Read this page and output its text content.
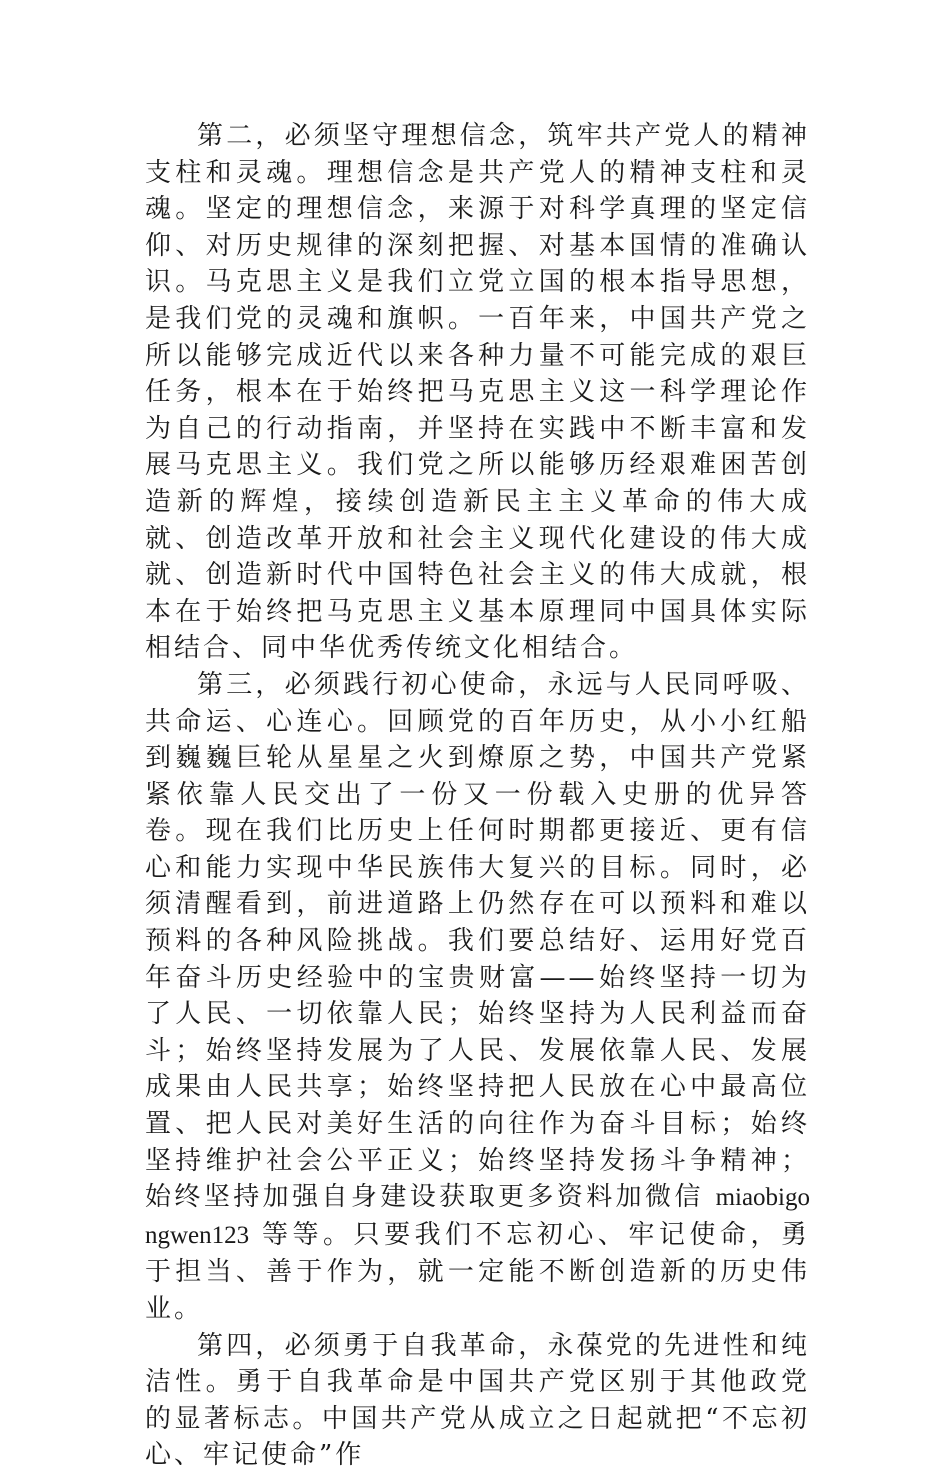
第二，必须坚守理想信念，筑牢共产党人的精神支柱和灵魂。理想信念是共产党人的精神支柱和灵魂。坚定的理想信念，来源于对科学真理的坚定信仰、对历史规律的深刻把握、对基本国情的准确认识。马克思主义是我们立党立国的根本指导思想，是我们党的灵魂和旗帜。一百年来，中国共产党之所以能够完成近代以来各种力量不可能完成的艰巨任务，根本在于始终把马克思主义这一科学理论作为自己的行动指南，并坚持在实践中不断丰富和发展马克思主义。我们党之所以能够历经艰难困苦创造新的辉煌，接续创造新民主主义革命的伟大成就、创造改革开放和社会主义现代化建设的伟大成就、创造新时代中国特色社会主义的伟大成就，根本在于始终把马克思主义基本原理同中国具体实际相结合、同中华优秀传统文化相结合。

第三，必须践行初心使命，永远与人民同呼吸、共命运、心连心。回顾党的百年历史，从小小红船到巍巍巨轮从星星之火到燎原之势，中国共产党紧紧依靠人民交出了一份又一份载入史册的优异答卷。现在我们比历史上任何时期都更接近、更有信心和能力实现中华民族伟大复兴的目标。同时，必须清醒看到，前进道路上仍然存在可以预料和难以预料的各种风险挑战。我们要总结好、运用好党百年奋斗历史经验中的宝贵财富——始终坚持一切为了人民、一切依靠人民；始终坚持为人民利益而奋斗；始终坚持发展为了人民、发展依靠人民、发展成果由人民共享；始终坚持把人民放在心中最高位置、把人民对美好生活的向往作为奋斗目标；始终坚持维护社会公平正义；始终坚持发扬斗争精神；始终坚持加强自身建设获取更多资料加微信 miaobigongwen123 等等。只要我们不忘初心、牢记使命，勇于担当、善于作为，就一定能不断创造新的历史伟业。

第四，必须勇于自我革命，永葆党的先进性和纯洁性。勇于自我革命是中国共产党区别于其他政党的显著标志。中国共产党从成立之日起就把“不忘初心、牢记使命”作
